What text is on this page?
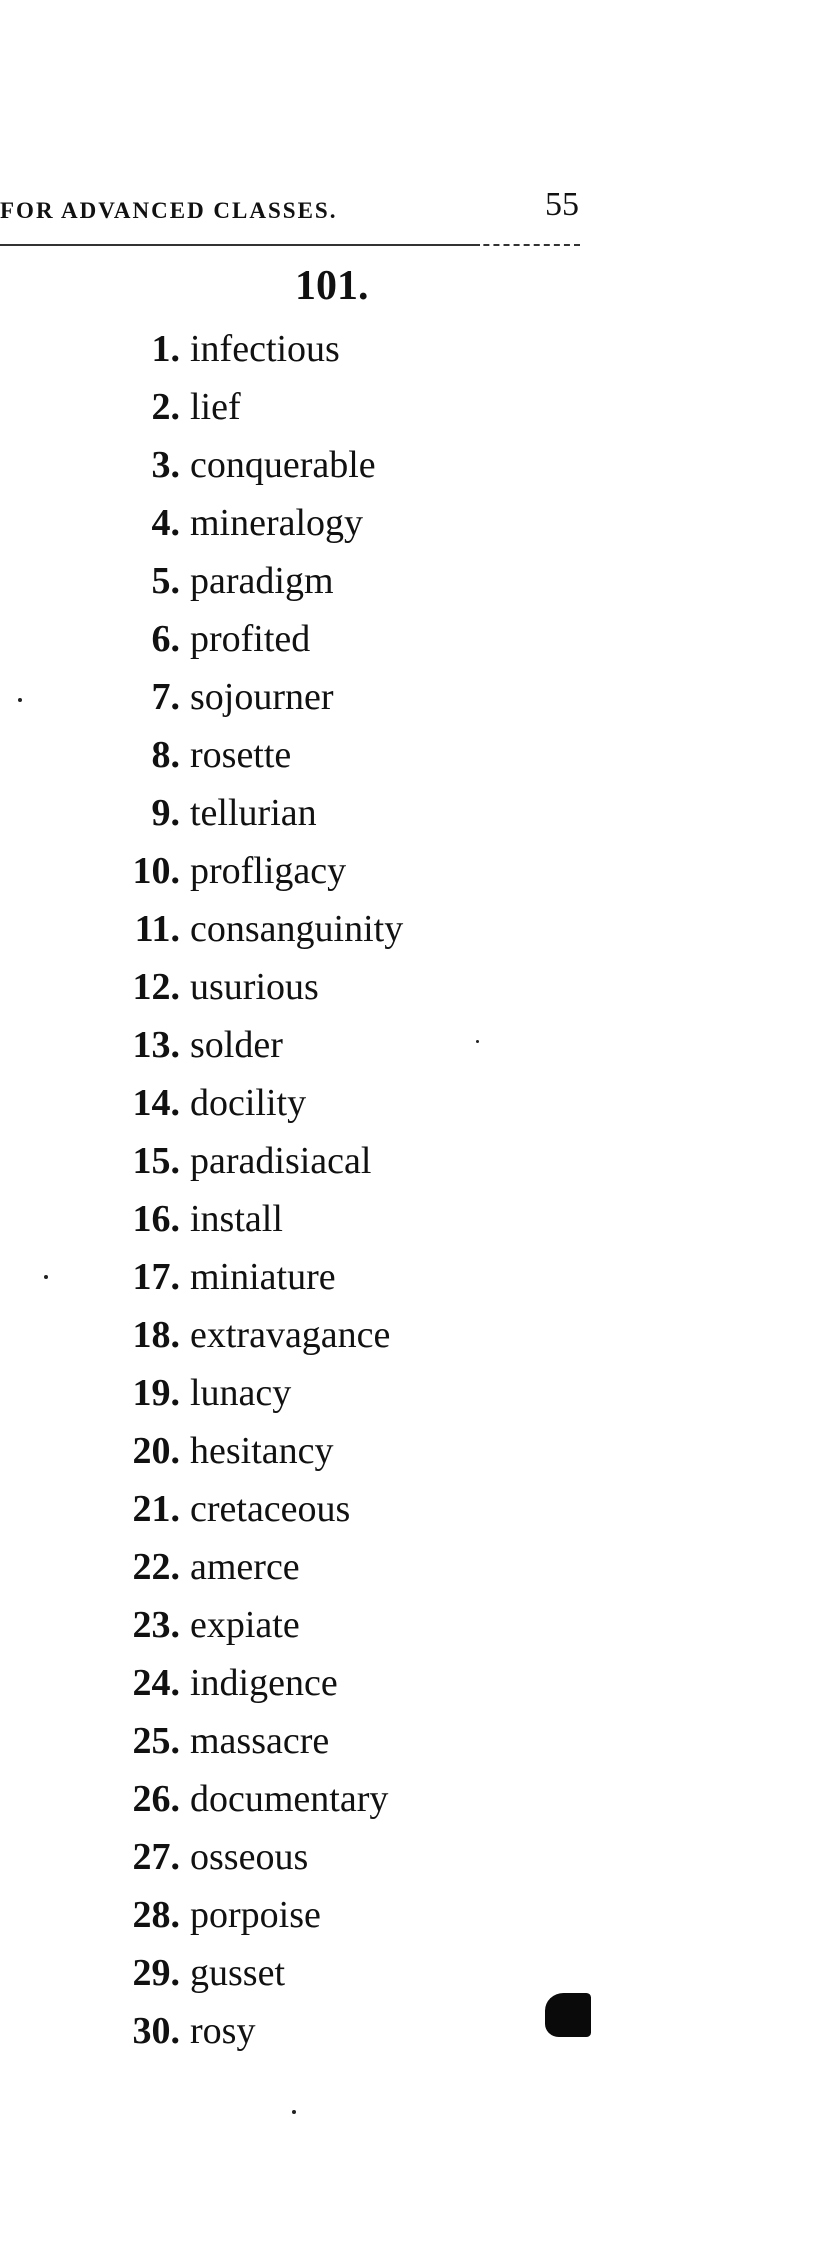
FOR ADVANCED CLASSES.	55
101.
1. infectious
2. lief
3. conquerable
4. mineralogy
5. paradigm
6. profited
7. sojourner
8. rosette
9. tellurian
10. profligacy
11. consanguinity
12. usurious
13. solder
14. docility
15. paradisiacal
16. install
17. miniature
18. extravagance
19. lunacy
20. hesitancy
21. cretaceous
22. amerce
23. expiate
24. indigence
25. massacre
26. documentary
27. osseous
28. porpoise
29. gusset
30. rosy
